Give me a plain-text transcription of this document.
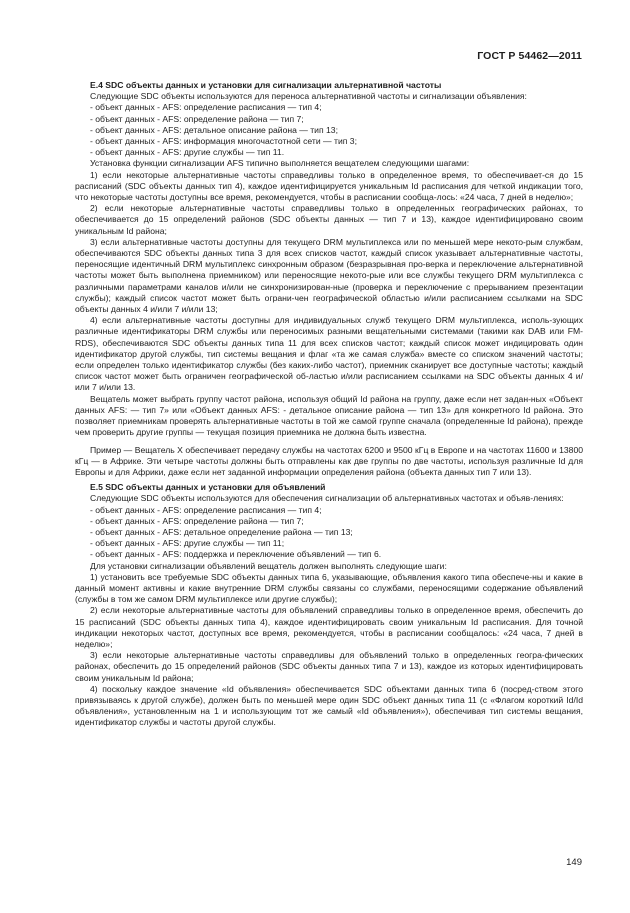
ГОСТ Р 54462—2011

Е.4 SDC объекты данных и установки для сигнализации альтернативной частоты

Следующие SDC объекты используются для переноса альтернативной частоты и сигнализации объявления:

- объект данных - AFS: определение расписания — тип 4;

- объект данных - AFS: определение района — тип 7;

- объект данных - AFS: детальное описание района — тип 13;

- объект данных - AFS: информация многочастотной сети — тип 3;

- объект данных - AFS: другие службы — тип 11.

Установка функции сигнализации AFS типично выполняется вещателем следующими шагами:

1) если некоторые альтернативные частоты справедливы только в определенное время, то обеспечивает-ся до 15 расписаний (SDC объекты данных тип 4), каждое идентифицируется уникальным Id расписания для четкой индикации того, что некоторые частоты доступны все время, рекомендуется, чтобы в расписании сообща-лось: «24 часа, 7 дней в неделю»;

2) если некоторые альтернативные частоты справедливы только в определенных географических районах, то обеспечивается до 15 определений районов (SDC объекты данных — тип 7 и 13), каждое идентифицировано своим уникальным Id района;

3) если альтернативные частоты доступны для текущего DRM мультиплекса или по меньшей мере некото-рым службам, обеспечиваются SDC объекты данных типа 3 для всех списков частот, каждый список указывает альтернативные частоты, переносящие идентичный DRM мультиплекс синхронным образом (безразрывная про-верка и переключение альтернативной частоты может быть выполнена приемником) или переносящие некото-рые или все службы текущего DRM мультиплекса с различными параметрами каналов и/или не синхронизирован-ные (проверка и переключение с прерыванием презентации службы); каждый список частот может быть ограни-чен географической областью и/или расписанием ссылками на SDC объекты данных 4 и/или 7 и/или 13;

4) если альтернативные частоты доступны для индивидуальных служб текущего DRM мультиплекса, исполь-зующих различные идентификаторы DRM службы или переносимых разными вещательными системами (такими как DAB или FM-RDS), обеспечиваются SDC объекты данных типа 11 для всех списков частот; каждый список может индицировать один идентификатор другой службы, тип системы вещания и флаг «та же самая служба» вместе со списком значений частоты; если определен только идентификатор службы (без каких-либо частот), приемник сканирует все доступные частоты; каждый список частот может быть ограничен географической об-ластью и/или расписанием ссылками на SDC объекты данных 4 и/или 7 и/или 13.

Вещатель может выбрать группу частот района, используя общий Id района на группу, даже если нет задан-ных «Объект данных AFS: — тип 7» или «Объект данных AFS: - детальное описание района — тип 13» для конкретного Id района. Это позволяет приемникам проверять альтернативные частоты в той же самой группе сначала (определенные Id района), прежде чем проверить другие группы — текущая позиция приемника не должна быть известна.

Пример — Вещатель X обеспечивает передачу службы на частотах 6200 и 9500 кГц в Европе и на частотах 11600 и 13800 кГц — в Африке. Эти четыре частоты должны быть отправлены как две группы по две частоты, используя различные Id для Европы и для Африки, даже если нет заданной информации определения района (объекта данных тип 7 или 13).

Е.5 SDC объекты данных и установки для объявлений

Следующие SDC объекты используются для обеспечения сигнализации об альтернативных частотах и объяв-лениях:

- объект данных - AFS: определение расписания — тип 4;

- объект данных - AFS: определение района — тип 7;

- объект данных - AFS: детальное определение района — тип 13;

- объект данных - AFS: другие службы — тип 11;

- объект данных - AFS: поддержка и переключение объявлений — тип 6.

Для установки сигнализации объявлений вещатель должен выполнять следующие шаги:

1) установить все требуемые SDC объекты данных типа 6, указывающие, объявления какого типа обеспече-ны и какие в данный момент активны и какие внутренние DRM службы связаны со службами, переносящими содержание объявлений (службы в том же самом DRM мультиплексе или другие службы);

2) если некоторые альтернативные частоты для объявлений справедливы только в определенное время, обеспечить до 15 расписаний (SDC объекты данных типа 4), каждое идентифицировать своим уникальным Id расписания. Для точной индикации некоторых частот, доступных все время, рекомендуется, чтобы в расписании сообщалось: «24 часа, 7 дней в неделю»;

3) если некоторые альтернативные частоты справедливы для объявлений только в определенных геогра-фических районах, обеспечить до 15 определений районов (SDC объекты данных типа 7 и 13), каждое из которых идентифицировать своим уникальным Id района;

4) поскольку каждое значение «Id объявления» обеспечивается SDC объектами данных типа 6 (посред-ством этого привязываясь к другой службе), должен быть по меньшей мере один SDC объект данных типа 11 (с «Флагом короткий Id/Id объявления», установленным на 1 и использующим тот же самый «Id объявления»), обеспечивая тип системы вещания, идентификатор службы и частоты другой службы.

149
